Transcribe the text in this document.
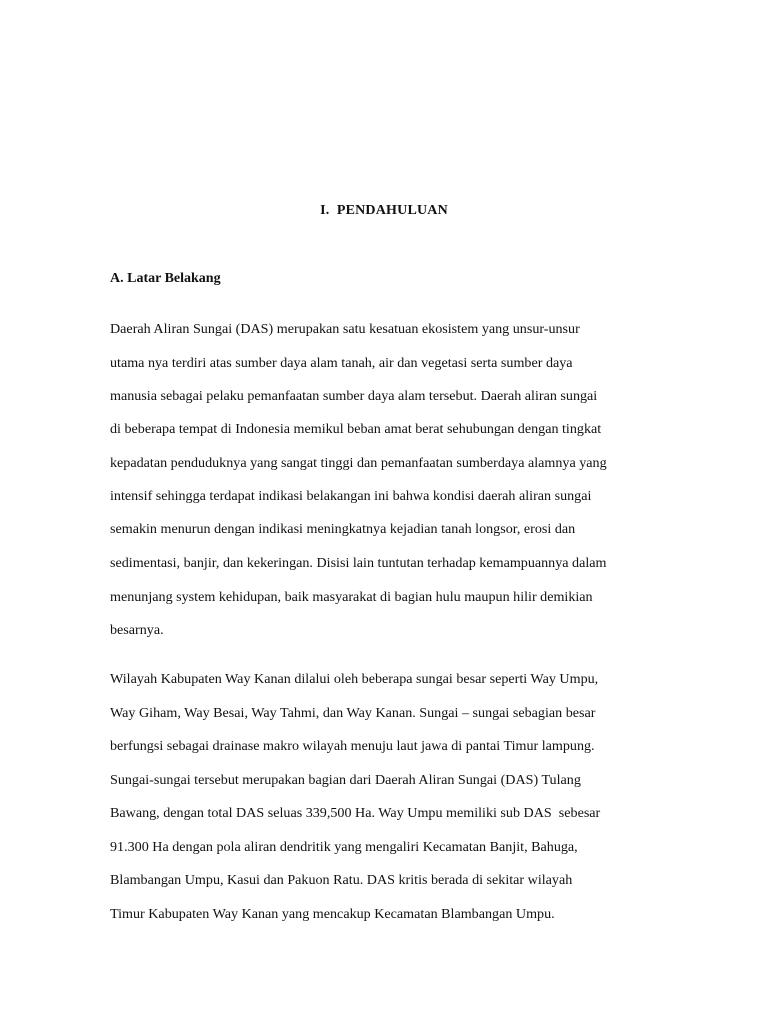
I.  PENDAHULUAN
A. Latar Belakang
Daerah Aliran Sungai (DAS) merupakan satu kesatuan ekosistem yang unsur-unsur
utama nya terdiri atas sumber daya alam tanah, air dan vegetasi serta sumber daya
manusia sebagai pelaku pemanfaatan sumber daya alam tersebut. Daerah aliran sungai
di beberapa tempat di Indonesia memikul beban amat berat sehubungan dengan tingkat
kepadatan penduduknya yang sangat tinggi dan pemanfaatan sumberdaya alamnya yang
intensif sehingga terdapat indikasi belakangan ini bahwa kondisi daerah aliran sungai
semakin menurun dengan indikasi meningkatnya kejadian tanah longsor, erosi dan
sedimentasi, banjir, dan kekeringan. Disisi lain tuntutan terhadap kemampuannya dalam
menunjang system kehidupan, baik masyarakat di bagian hulu maupun hilir demikian
besarnya.
Wilayah Kabupaten Way Kanan dilalui oleh beberapa sungai besar seperti Way Umpu,
Way Giham, Way Besai, Way Tahmi, dan Way Kanan. Sungai – sungai sebagian besar
berfungsi sebagai drainase makro wilayah menuju laut jawa di pantai Timur lampung.
Sungai-sungai tersebut merupakan bagian dari Daerah Aliran Sungai (DAS) Tulang
Bawang, dengan total DAS seluas 339,500 Ha. Way Umpu memiliki sub DAS  sebesar
91.300 Ha dengan pola aliran dendritik yang mengaliri Kecamatan Banjit, Bahuga,
Blambangan Umpu, Kasui dan Pakuon Ratu. DAS kritis berada di sekitar wilayah
Timur Kabupaten Way Kanan yang mencakup Kecamatan Blambangan Umpu.
